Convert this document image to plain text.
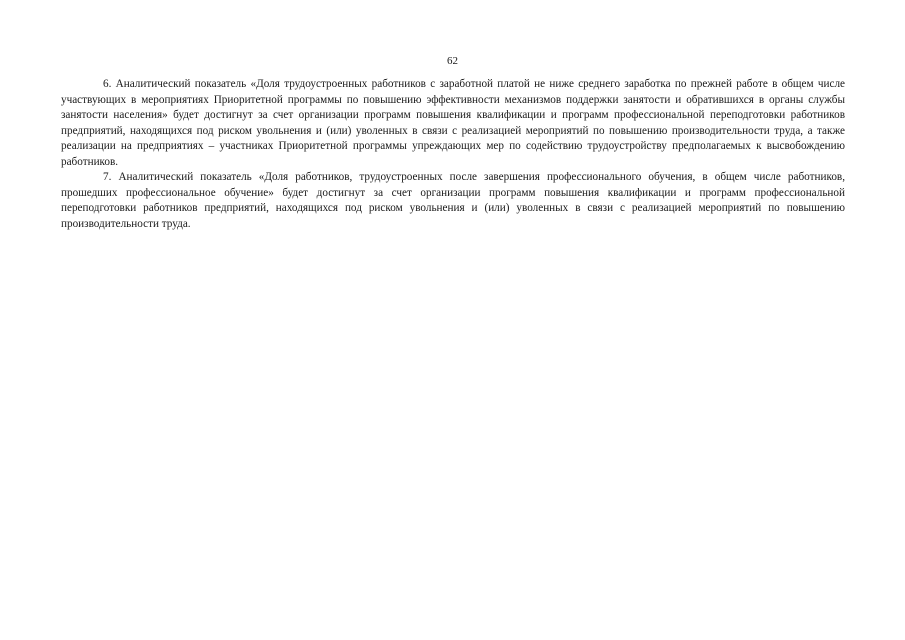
62

6. Аналитический показатель «Доля трудоустроенных работников с заработной платой не ниже среднего заработка по прежней работе в общем числе участвующих в мероприятиях Приоритетной программы по повышению эффективности механизмов поддержки занятости и обратившихся в органы службы занятости населения» будет достигнут за счет организации программ повышения квалификации и программ профессиональной переподготовки работников предприятий, находящихся под риском увольнения и (или) уволенных в связи с реализацией мероприятий по повышению производительности труда, а также реализации на предприятиях – участниках Приоритетной программы упреждающих мер по содействию трудоустройству предполагаемых к высвобождению работников.

7. Аналитический показатель «Доля работников, трудоустроенных после завершения профессионального обучения, в общем числе работников, прошедших профессиональное обучение» будет достигнут за счет организации программ повышения квалификации и программ профессиональной переподготовки работников предприятий, находящихся под риском увольнения и (или) уволенных в связи с реализацией мероприятий по повышению производительности труда.
